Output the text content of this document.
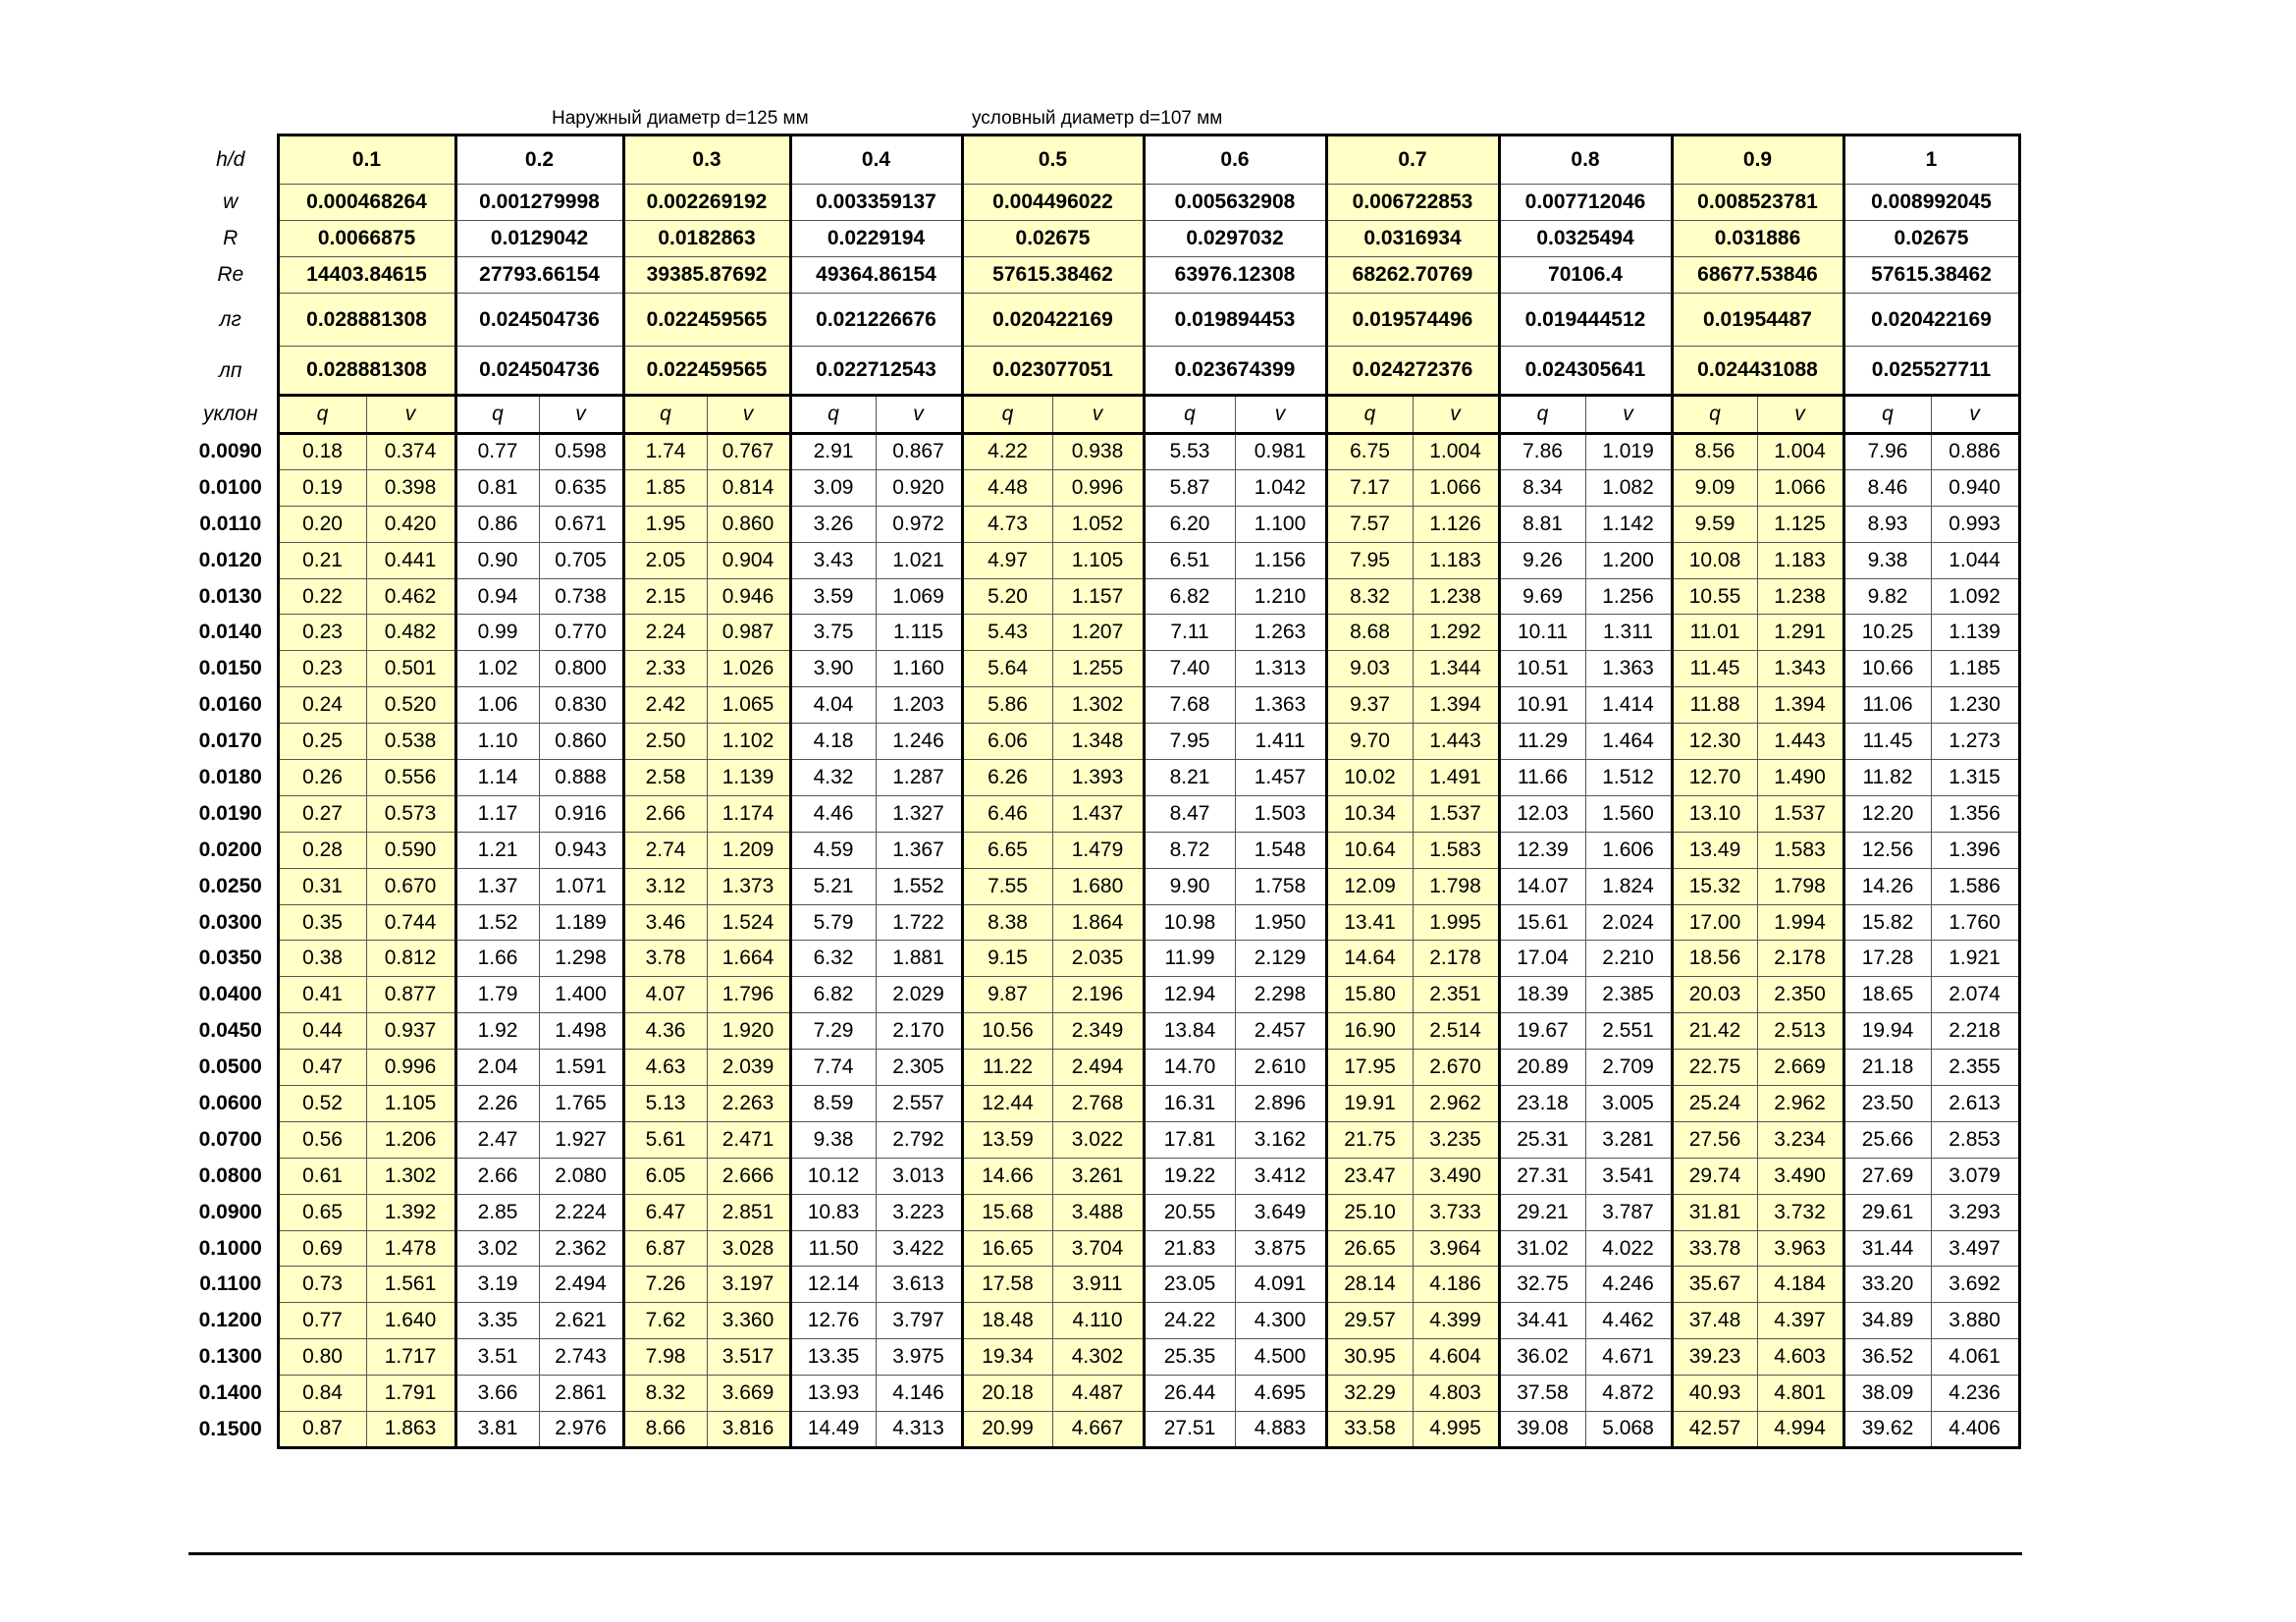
Наружный диаметр d=125 мм	условный диаметр d=107 мм
h/d	0.1		0.2		0.3		0.4		0.5		0.6		0.7		0.8		0.9		1	
w	0.000468264		0.001279998		0.002269192		0.003359137		0.004496022		0.005632908		0.006722853		0.007712046		0.008523781		0.008992045	
R	0.0066875		0.0129042		0.0182863		0.0229194		0.02675		0.0297032		0.0316934		0.0325494		0.031886		0.02675	
Re	14403.84615		27793.66154		39385.87692		49364.86154		57615.38462		63976.12308		68262.70769		70106.4		68677.53846		57615.38462	
лг	0.028881308		0.024504736		0.022459565		0.021226676		0.020422169		0.019894453		0.019574496		0.019444512		0.01954487		0.020422169	
лп	0.028881308		0.024504736		0.022459565		0.022712543		0.023077051		0.023674399		0.024272376		0.024305641		0.024431088		0.025527711	
уклон	q	v	q	v	q	v	q	v	q	v	q	v	q	v	q	v	q	v	q	v
0.0090	0.18	0.374	0.77	0.598	1.74	0.767	2.91	0.867	4.22	0.938	5.53	0.981	6.75	1.004	7.86	1.019	8.56	1.004	7.96	0.886
0.0100	0.19	0.398	0.81	0.635	1.85	0.814	3.09	0.920	4.48	0.996	5.87	1.042	7.17	1.066	8.34	1.082	9.09	1.066	8.46	0.940
0.0110	0.20	0.420	0.86	0.671	1.95	0.860	3.26	0.972	4.73	1.052	6.20	1.100	7.57	1.126	8.81	1.142	9.59	1.125	8.93	0.993
0.0120	0.21	0.441	0.90	0.705	2.05	0.904	3.43	1.021	4.97	1.105	6.51	1.156	7.95	1.183	9.26	1.200	10.08	1.183	9.38	1.044
0.0130	0.22	0.462	0.94	0.738	2.15	0.946	3.59	1.069	5.20	1.157	6.82	1.210	8.32	1.238	9.69	1.256	10.55	1.238	9.82	1.092
0.0140	0.23	0.482	0.99	0.770	2.24	0.987	3.75	1.115	5.43	1.207	7.11	1.263	8.68	1.292	10.11	1.311	11.01	1.291	10.25	1.139
0.0150	0.23	0.501	1.02	0.800	2.33	1.026	3.90	1.160	5.64	1.255	7.40	1.313	9.03	1.344	10.51	1.363	11.45	1.343	10.66	1.185
0.0160	0.24	0.520	1.06	0.830	2.42	1.065	4.04	1.203	5.86	1.302	7.68	1.363	9.37	1.394	10.91	1.414	11.88	1.394	11.06	1.230
0.0170	0.25	0.538	1.10	0.860	2.50	1.102	4.18	1.246	6.06	1.348	7.95	1.411	9.70	1.443	11.29	1.464	12.30	1.443	11.45	1.273
0.0180	0.26	0.556	1.14	0.888	2.58	1.139	4.32	1.287	6.26	1.393	8.21	1.457	10.02	1.491	11.66	1.512	12.70	1.490	11.82	1.315
0.0190	0.27	0.573	1.17	0.916	2.66	1.174	4.46	1.327	6.46	1.437	8.47	1.503	10.34	1.537	12.03	1.560	13.10	1.537	12.20	1.356
0.0200	0.28	0.590	1.21	0.943	2.74	1.209	4.59	1.367	6.65	1.479	8.72	1.548	10.64	1.583	12.39	1.606	13.49	1.583	12.56	1.396
0.0250	0.31	0.670	1.37	1.071	3.12	1.373	5.21	1.552	7.55	1.680	9.90	1.758	12.09	1.798	14.07	1.824	15.32	1.798	14.26	1.586
0.0300	0.35	0.744	1.52	1.189	3.46	1.524	5.79	1.722	8.38	1.864	10.98	1.950	13.41	1.995	15.61	2.024	17.00	1.994	15.82	1.760
0.0350	0.38	0.812	1.66	1.298	3.78	1.664	6.32	1.881	9.15	2.035	11.99	2.129	14.64	2.178	17.04	2.210	18.56	2.178	17.28	1.921
0.0400	0.41	0.877	1.79	1.400	4.07	1.796	6.82	2.029	9.87	2.196	12.94	2.298	15.80	2.351	18.39	2.385	20.03	2.350	18.65	2.074
0.0450	0.44	0.937	1.92	1.498	4.36	1.920	7.29	2.170	10.56	2.349	13.84	2.457	16.90	2.514	19.67	2.551	21.42	2.513	19.94	2.218
0.0500	0.47	0.996	2.04	1.591	4.63	2.039	7.74	2.305	11.22	2.494	14.70	2.610	17.95	2.670	20.89	2.709	22.75	2.669	21.18	2.355
0.0600	0.52	1.105	2.26	1.765	5.13	2.263	8.59	2.557	12.44	2.768	16.31	2.896	19.91	2.962	23.18	3.005	25.24	2.962	23.50	2.613
0.0700	0.56	1.206	2.47	1.927	5.61	2.471	9.38	2.792	13.59	3.022	17.81	3.162	21.75	3.235	25.31	3.281	27.56	3.234	25.66	2.853
0.0800	0.61	1.302	2.66	2.080	6.05	2.666	10.12	3.013	14.66	3.261	19.22	3.412	23.47	3.490	27.31	3.541	29.74	3.490	27.69	3.079
0.0900	0.65	1.392	2.85	2.224	6.47	2.851	10.83	3.223	15.68	3.488	20.55	3.649	25.10	3.733	29.21	3.787	31.81	3.732	29.61	3.293
0.1000	0.69	1.478	3.02	2.362	6.87	3.028	11.50	3.422	16.65	3.704	21.83	3.875	26.65	3.964	31.02	4.022	33.78	3.963	31.44	3.497
0.1100	0.73	1.561	3.19	2.494	7.26	3.197	12.14	3.613	17.58	3.911	23.05	4.091	28.14	4.186	32.75	4.246	35.67	4.184	33.20	3.692
0.1200	0.77	1.640	3.35	2.621	7.62	3.360	12.76	3.797	18.48	4.110	24.22	4.300	29.57	4.399	34.41	4.462	37.48	4.397	34.89	3.880
0.1300	0.80	1.717	3.51	2.743	7.98	3.517	13.35	3.975	19.34	4.302	25.35	4.500	30.95	4.604	36.02	4.671	39.23	4.603	36.52	4.061
0.1400	0.84	1.791	3.66	2.861	8.32	3.669	13.93	4.146	20.18	4.487	26.44	4.695	32.29	4.803	37.58	4.872	40.93	4.801	38.09	4.236
0.1500	0.87	1.863	3.81	2.976	8.66	3.816	14.49	4.313	20.99	4.667	27.51	4.883	33.58	4.995	39.08	5.068	42.57	4.994	39.62	4.406
